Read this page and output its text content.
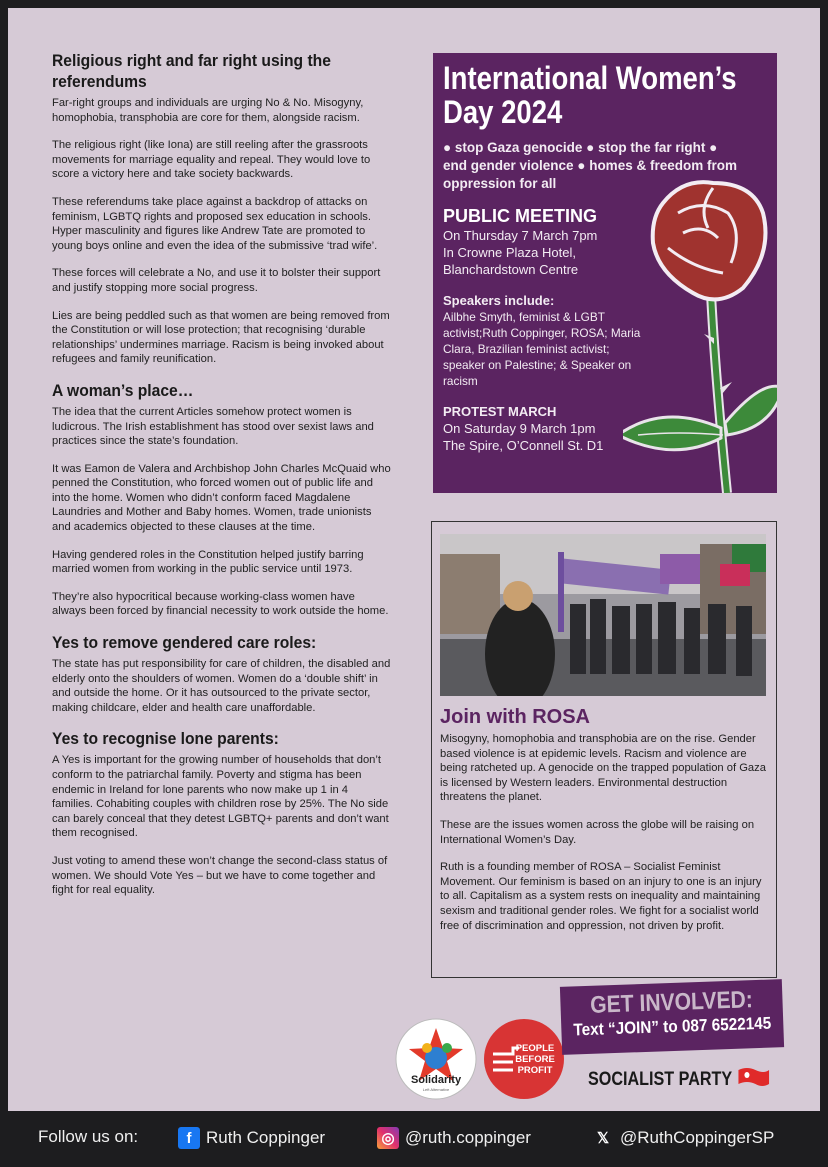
Religious right and far right using the referendums

Far-right groups and individuals are urging No & No. Misogyny, homophobia, transphobia are core for them, alongside racism.

The religious right (like Iona) are still reeling after the grassroots movements for marriage equality and repeal. They would love to score a victory here and take society backwards.

These referendums take place against a backdrop of attacks on feminism, LGBTQ rights and proposed sex education in schools. Hyper masculinity and figures like Andrew Tate are promoted to young boys online and even the idea of the submissive ‘trad wife’.

These forces will celebrate a No, and use it to bolster their support and justify stopping more social progress.

Lies are being peddled such as that women are being removed from the Constitution or will lose protection; that recognising ‘durable relationships’ undermines marriage. Racism is being invoked about refugees and family reunification.

A woman’s place…

The idea that the current Articles somehow protect women is ludicrous. The Irish establishment has stood over sexist laws and practices since the state’s foundation.

It was Eamon de Valera and Archbishop John Charles McQuaid who penned the Constitution, who forced women out of public life and into the home. Women who didn’t conform faced Magdalene Laundries and Mother and Baby homes. Women, trade unionists and academics objected to these clauses at the time.

Having gendered roles in the Constitution helped justify barring married women from working in the public service until 1973.

They’re also hypocritical because working-class women have always been forced by financial necessity to work outside the home.

Yes to remove gendered care roles:

The state has put responsibility for care of children, the disabled and elderly onto the shoulders of women. Women do a ‘double shift’ in and outside the home. Or it has outsourced to the private sector, making childcare, elder and health care unaffordable.

Yes to recognise lone parents:

A Yes is important for the growing number of households that don’t conform to the patriarchal family. Poverty and stigma has been endemic in Ireland for lone parents who now make up 1 in 4 families. Cohabiting couples with children rose by 25%. The No side can barely conceal that they detest LGBTQ+ parents and don’t want them recognised.

Just voting to amend these won’t change the second-class status of women. We should Vote Yes – but we have to come together and fight for real equality.

International Women’s
Day 2024
● stop Gaza genocide ● stop the far right ● end gender violence ● homes & freedom from oppression for all
PUBLIC MEETING
On Thursday 7 March 7pm
In Crowne Plaza Hotel,
Blanchardstown Centre
Speakers include:
Ailbhe Smyth, feminist & LGBT activist;Ruth Coppinger, ROSA; Maria Clara, Brazilian feminist activist; speaker on Palestine; & Speaker on racism
PROTEST MARCH
On Saturday 9 March 1pm
The Spire, O’Connell St. D1
Join with ROSA

Misogyny, homophobia and transphobia are on the rise. Gender based violence is at epidemic levels. Racism and violence are being ratcheted up. A genocide on the trapped population of Gaza is licensed by Western leaders. Environmental destruction threatens the planet.

These are the issues women across the globe will be raising on International Women’s Day.

Ruth is a founding member of ROSA – Socialist Feminist Movement. Our feminism is based on an injury to one is an injury to all. Capitalism as a system rests on inequality and maintaining sexism and traditional gender roles. We fight for a socialist world free of discrimination and oppression, not driven by profit.

Solidarity
Left Alternative
PEOPLE
BEFORE
PROFIT
GET INVOLVED:
Text “JOIN” to 087 6522145
SOCIALIST PARTY
Follow us on:	f Ruth Coppinger	◎ @ruth.coppinger	𝕏 @RuthCoppingerSP
